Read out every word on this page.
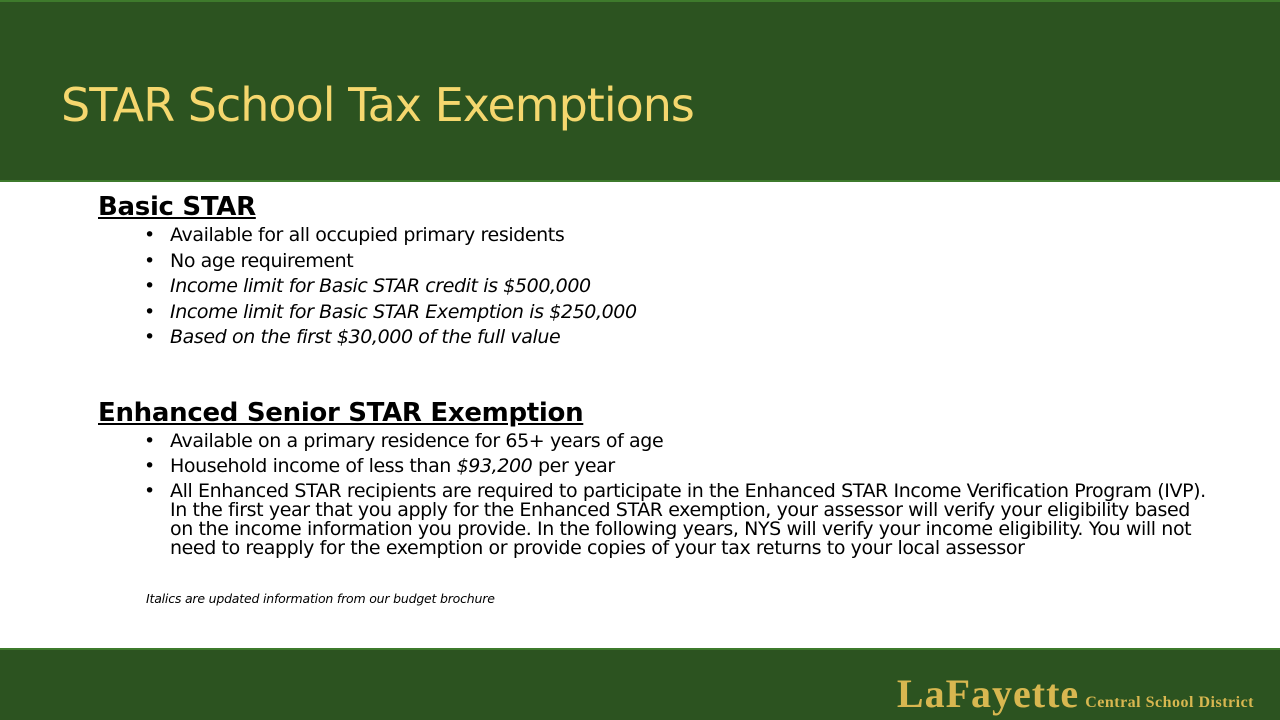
STAR School Tax Exemptions
Basic STAR
• Available for all occupied primary residents
• No age requirement
• Income limit for Basic STAR credit is $500,000
• Income limit for Basic STAR Exemption is $250,000
• Based on the first $30,000 of the full value
Enhanced Senior STAR Exemption
• Available on a primary residence for 65+ years of age
• Household income of less than $93,200 per year
• All Enhanced STAR recipients are required to participate in the Enhanced STAR Income Verification Program (IVP). In the first year that you apply for the Enhanced STAR exemption, your assessor will verify your eligibility based on the income information you provide. In the following years, NYS will verify your income eligibility. You will not need to reapply for the exemption or provide copies of your tax returns to your local assessor
Italics are updated information from our budget brochure
LaFayette Central School District
